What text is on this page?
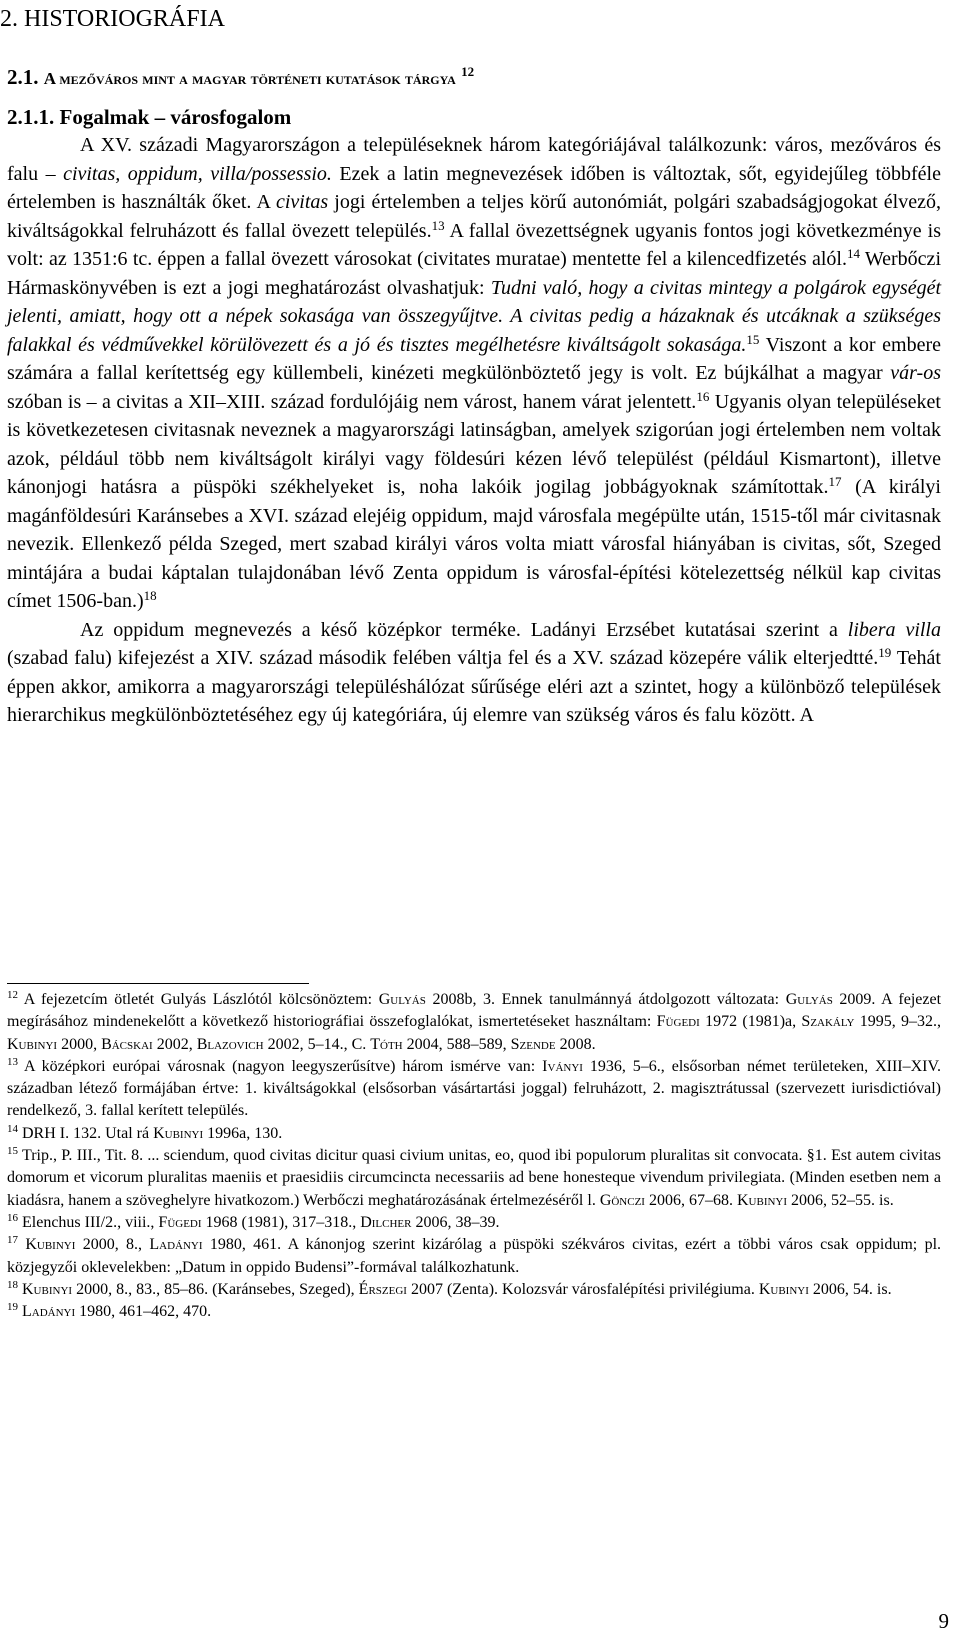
2. HISTORIOGRÁFIA
2.1. A mezőváros mint a magyar történeti kutatások tárgya $^{12}$
2.1.1. Fogalmak – városfogalom

A XV. századi Magyarországon a településeknek három kategóriájával találkozunk: város, mezőváros és falu – civitas, oppidum, villa/possessio. Ezek a latin megnevezések időben is változtak, sőt, egyidejűleg többféle értelemben is használták őket. A civitas jogi értelemben a teljes körű autonómiát, polgári szabadságjogokat élvező, kiváltságokkal felruházott és fallal övezett település.$^{13}$ A fallal övezettségnek ugyanis fontos jogi következménye is volt: az 1351:6 tc. éppen a fallal övezett városokat (civitates muratae) mentette fel a kilencedfizetés alól.$^{14}$ Werbőczi Hármaskönyvében is ezt a jogi meghatározást olvashatjuk: Tudni való, hogy a civitas mintegy a polgárok egységét jelenti, amiatt, hogy ott a népek sokasága van összegyűjtve. A civitas pedig a házaknak és utcáknak a szükséges falakkal és védművekkel körülövezett és a jó és tisztes megélhetésre kiváltságolt sokasága.$^{15}$ Viszont a kor embere számára a fallal kerítettség egy küllembeli, kinézeti megkülönböztető jegy is volt. Ez bújkálhat a magyar vár-os szóban is – a civitas a XII–XIII. század fordulójáig nem várost, hanem várat jelentett.$^{16}$ Ugyanis olyan településeket is következetesen civitasnak neveznek a magyarországi latinságban, amelyek szigorúan jogi értelemben nem voltak azok, például több nem kiváltságolt királyi vagy földesúri kézen lévő települést (például Kismartont), illetve kánonjogi hatásra a püspöki székhelyeket is, noha lakóik jogilag jobbágyoknak számítottak.$^{17}$ (A királyi magánföldesúri Karánsebes a XVI. század elejéig oppidum, majd városfala megépülte után, 1515-től már civitasnak nevezik. Ellenkező példa Szeged, mert szabad királyi város volta miatt városfal hiányában is civitas, sőt, Szeged mintájára a budai káptalan tulajdonában lévő Zenta oppidum is városfal-építési kötelezettség nélkül kap civitas címet 1506-ban.)$^{18}$

Az oppidum megnevezés a késő középkor terméke. Ladányi Erzsébet kutatásai szerint a libera villa (szabad falu) kifejezést a XIV. század második felében váltja fel és a XV. század közepére válik elterjedtté.$^{19}$ Tehát éppen akkor, amikorra a magyarországi településhálózat sűrűsége eléri azt a szintet, hogy a különböző települések hierarchikus megkülönböztetéséhez egy új kategóriára, új elemre van szükség város és falu között. A

$^{12}$ A fejezetcím ötletét Gulyás Lászlótól kölcsönöztem: Gulyás 2008b, 3. Ennek tanulmánnyá átdolgozott változata: Gulyás 2009. A fejezet megírásához mindenekelőtt a következő historiográfiai összefoglalókat, ismertetéseket használtam: Fügedi 1972 (1981)a, Szakály 1995, 9–32., Kubinyi 2000, Bácskai 2002, Blazovich 2002, 5–14., C. Tóth 2004, 588–589, Szende 2008.

$^{13}$ A középkori európai városnak (nagyon leegyszerűsítve) három ismérve van: Iványi 1936, 5–6., elsősorban német területeken, XIII–XIV. században létező formájában értve: 1. kiváltságokkal (elsősorban vásártartási joggal) felruházott, 2. magisztrátussal (szervezett iurisdictióval) rendelkező, 3. fallal kerített település.

$^{14}$ DRH I. 132. Utal rá Kubinyi 1996a, 130.

$^{15}$ Trip., P. III., Tit. 8. ... sciendum, quod civitas dicitur quasi civium unitas, eo, quod ibi populorum pluralitas sit convocata. §1. Est autem civitas domorum et vicorum pluralitas maeniis et praesidiis circumcincta necessariis ad bene honesteque vivendum privilegiata. (Minden esetben nem a kiadásra, hanem a szöveghelyre hivatkozom.) Werbőczi meghatározásának értelmezéséről l. Gönczi 2006, 67–68. Kubinyi 2006, 52–55. is.

$^{16}$ Elenchus III/2., viii., Fügedi 1968 (1981), 317–318., Dilcher 2006, 38–39.

$^{17}$ Kubinyi 2000, 8., Ladányi 1980, 461. A kánonjog szerint kizárólag a püspöki székváros civitas, ezért a többi város csak oppidum; pl. közjegyzői oklevelekben: „Datum in oppido Budensi”-formával találkozhatunk.

$^{18}$ Kubinyi 2000, 8., 83., 85–86. (Karánsebes, Szeged), Érszegi 2007 (Zenta). Kolozsvár városfalépítési privilégiuma. Kubinyi 2006, 54. is.

$^{19}$ Ladányi 1980, 461–462, 470.

9
